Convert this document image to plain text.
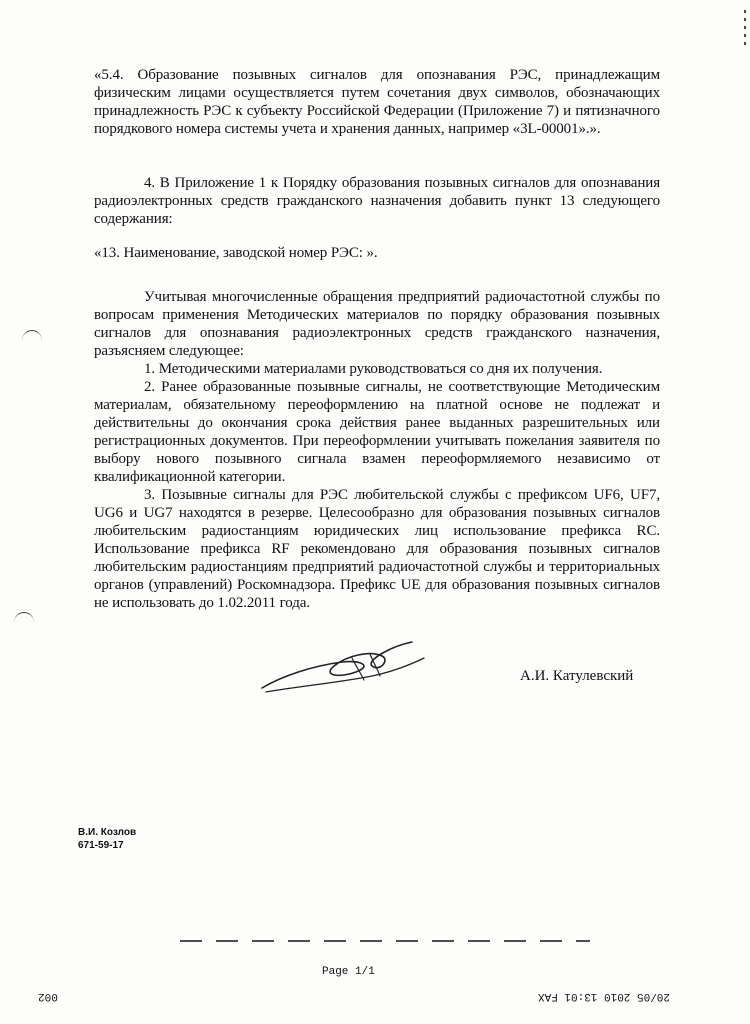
«5.4. Образование позывных сигналов для опознавания РЭС, принадлежащим физическим лицами осуществляется путем сочетания двух символов, обозначающих принадлежность РЭС к субъекту Российской Федерации (Приложение 7) и пятизначного порядкового номера системы учета и хранения данных, например «3L-00001».».
4. В Приложение 1 к Порядку образования позывных сигналов для опознавания радиоэлектронных средств гражданского назначения добавить пункт 13 следующего содержания:
«13. Наименование, заводской номер РЭС: ».
Учитывая многочисленные обращения предприятий радиочастотной службы по вопросам применения Методических материалов по порядку образования позывных сигналов для опознавания радиоэлектронных средств гражданского назначения, разъясняем следующее:

1. Методическими материалами руководствоваться со дня их получения.

2. Ранее образованные позывные сигналы, не соответствующие Методическим материалам, обязательному переоформлению на платной основе не подлежат и действительны до окончания срока действия ранее выданных разрешительных или регистрационных документов. При переоформлении учитывать пожелания заявителя по выбору нового позывного сигнала взамен переоформляемого независимо от квалификационной категории.

3. Позывные сигналы для РЭС любительской службы с префиксом UF6, UF7, UG6 и UG7 находятся в резерве. Целесообразно для образования позывных сигналов любительским радиостанциям юридических лиц использование префикса RC. Использование префикса RF рекомендовано для образования позывных сигналов любительским радиостанциям предприятий радиочастотной службы и территориальных органов (управлений) Роскомнадзора. Префикс UE для образования позывных сигналов не использовать до 1.02.2011 года.

А.И. Катулевский
В.И. Козлов
671-59-17
Page 1/1
002	20/05 2010 13:01 FAX
